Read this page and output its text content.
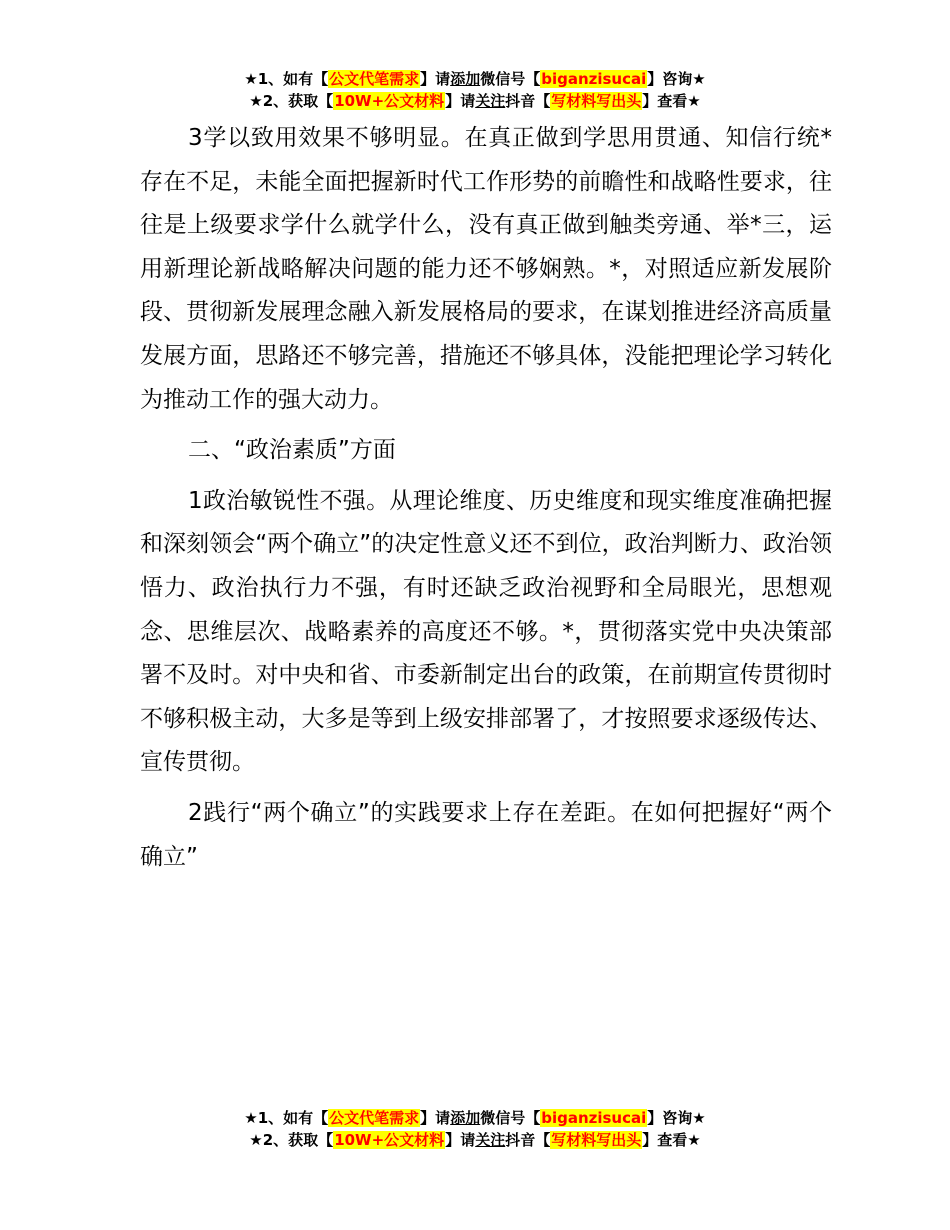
★1、如有【公文代笔需求】请添加微信号【biganzisucai】咨询★
★2、获取【10W+公文材料】请关注抖音【写材料写出头】查看★

3学以致用效果不够明显。在真正做到学思用贯通、知信行统*存在不足，未能全面把握新时代工作形势的前瞻性和战略性要求，往往是上级要求学什么就学什么，没有真正做到触类旁通、举*三，运用新理论新战略解决问题的能力还不够娴熟。*，对照适应新发展阶段、贯彻新发展理念融入新发展格局的要求，在谋划推进经济高质量发展方面，思路还不够完善，措施还不够具体，没能把理论学习转化为推动工作的强大动力。

二、“政治素质”方面

1政治敏锐性不强。从理论维度、历史维度和现实维度准确把握和深刻领会“两个确立”的决定性意义还不到位，政治判断力、政治领悟力、政治执行力不强，有时还缺乏政治视野和全局眼光，思想观念、思维层次、战略素养的高度还不够。*，贯彻落实党中央决策部署不及时。对中央和省、市委新制定出台的政策，在前期宣传贯彻时不够积极主动，大多是等到上级安排部署了，才按照要求逐级传达、宣传贯彻。

2践行“两个确立”的实践要求上存在差距。在如何把握好“两个确立”

★1、如有【公文代笔需求】请添加微信号【biganzisucai】咨询★
★2、获取【10W+公文材料】请关注抖音【写材料写出头】查看★
